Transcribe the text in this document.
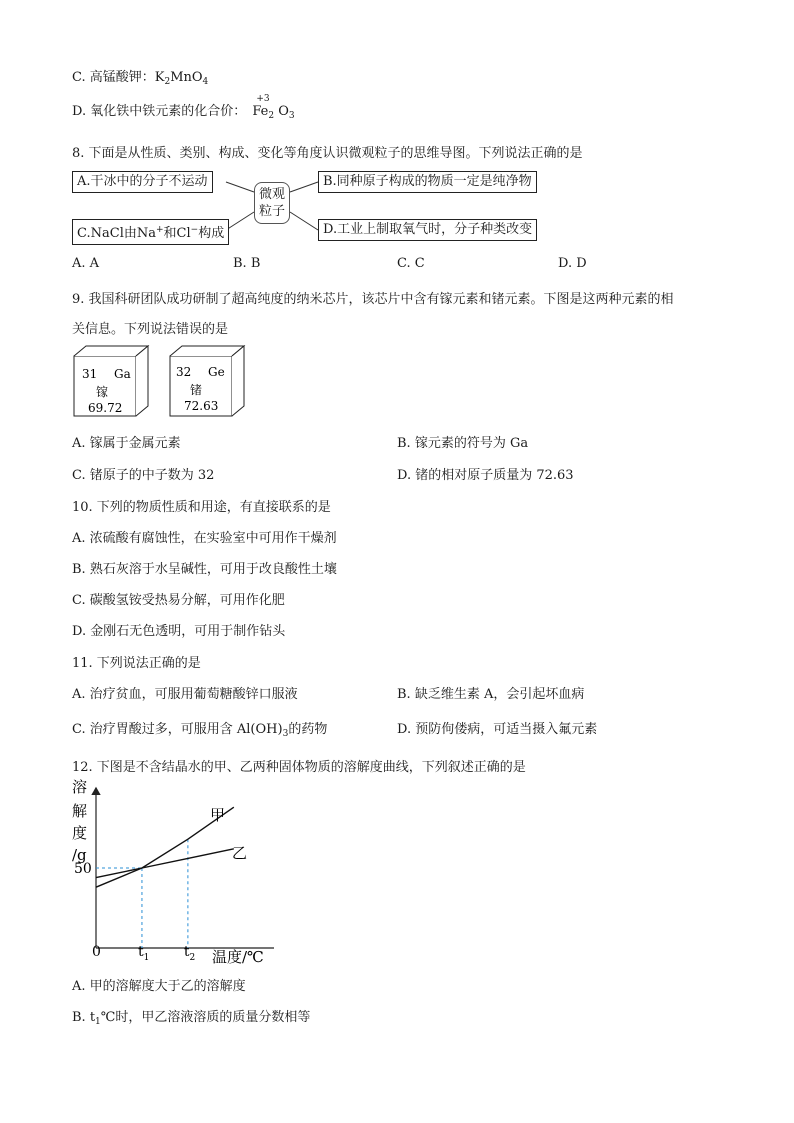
C. 高锰酸钾：$K_2MnO_4$
D. 氧化铁中铁元素的化合价：
+3
$Fe_2$ $O_3$
8. 下面是从性质、类别、构成、变化等角度认识微观粒子的思维导图。下列说法正确的是
A.干冰中的分子不运动	B.同种原子构成的物质一定是纯净物
C.NaCl由Na+和Cl−构成	D.工业上制取氧气时，分子种类改变
微观
粒子
A. A	B. B	C. C	D. D
9. 我国科研团队成功研制了超高纯度的纳米芯片，该芯片中含有镓元素和锗元素。下图是这两种元素的相
关信息。下列说法错误的是
31 Ga
镓
69.72
32 Ge
锗
72.63
A. 镓属于金属元素	B. 镓元素的符号为 Ga
C. 锗原子的中子数为 32	D. 锗的相对原子质量为 72.63
10. 下列的物质性质和用途，有直接联系的是
A. 浓硫酸有腐蚀性，在实验室中可用作干燥剂
B. 熟石灰溶于水呈碱性，可用于改良酸性土壤
C. 碳酸氢铵受热易分解，可用作化肥
D. 金刚石无色透明，可用于制作钻头
11. 下列说法正确的是
A. 治疗贫血，可服用葡萄糖酸锌口服液	B. 缺乏维生素 A，会引起坏血病
C. 治疗胃酸过多，可服用含 $Al(OH)_3$的药物	D. 预防佝偻病，可适当摄入氟元素
12. 下图是不含结晶水的甲、乙两种固体物质的溶解度曲线，下列叙述正确的是
溶
解
度
/g
50
0	$t_1$ $t_2$ 温度/℃
甲
乙
A. 甲的溶解度大于乙的溶解度
B. $t_1℃$时，甲乙溶液溶质的质量分数相等
